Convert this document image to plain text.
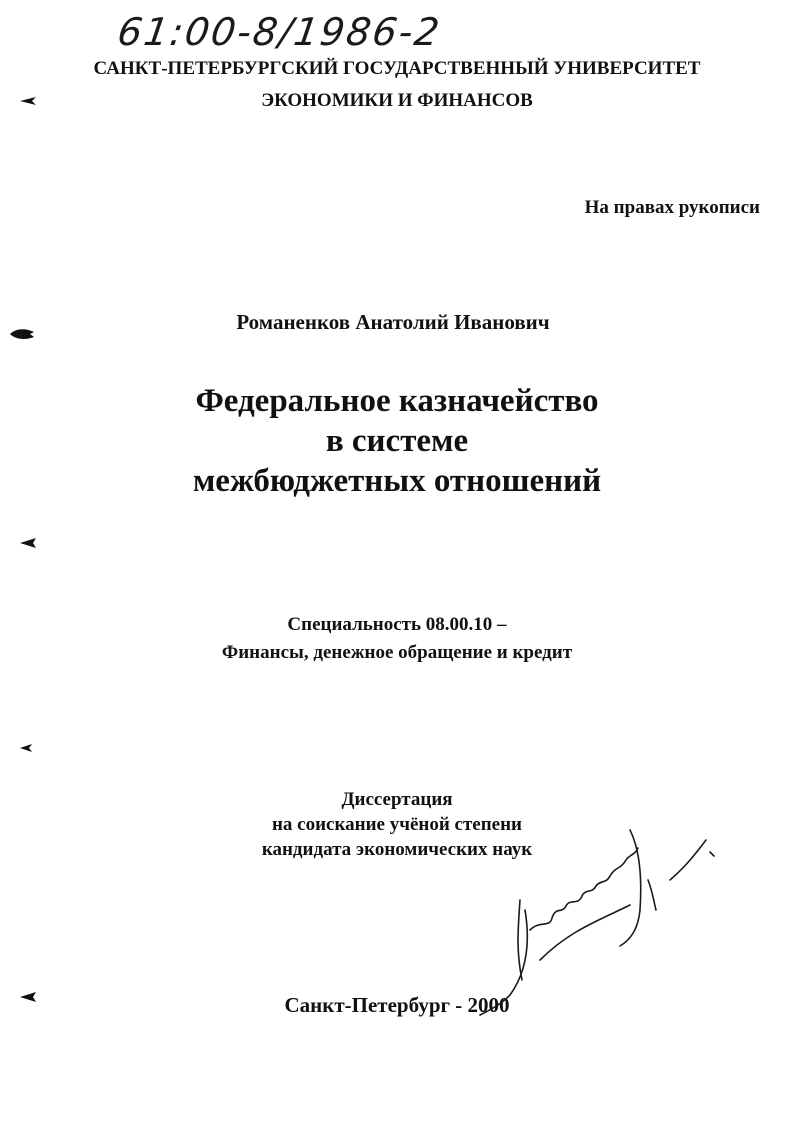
61:00-8/1986-2
САНКТ-ПЕТЕРБУРГСКИЙ ГОСУДАРСТВЕННЫЙ УНИВЕРСИТЕТ
ЭКОНОМИКИ И ФИНАНСОВ
На правах рукописи
Романенков Анатолий Иванович
Федеральное казначейство
в системе
межбюджетных отношений
Специальность 08.00.10 –
Финансы, денежное обращение и кредит
Диссертация
на соискание учёной степени
кандидата экономических наук
Санкт-Петербург - 2000
